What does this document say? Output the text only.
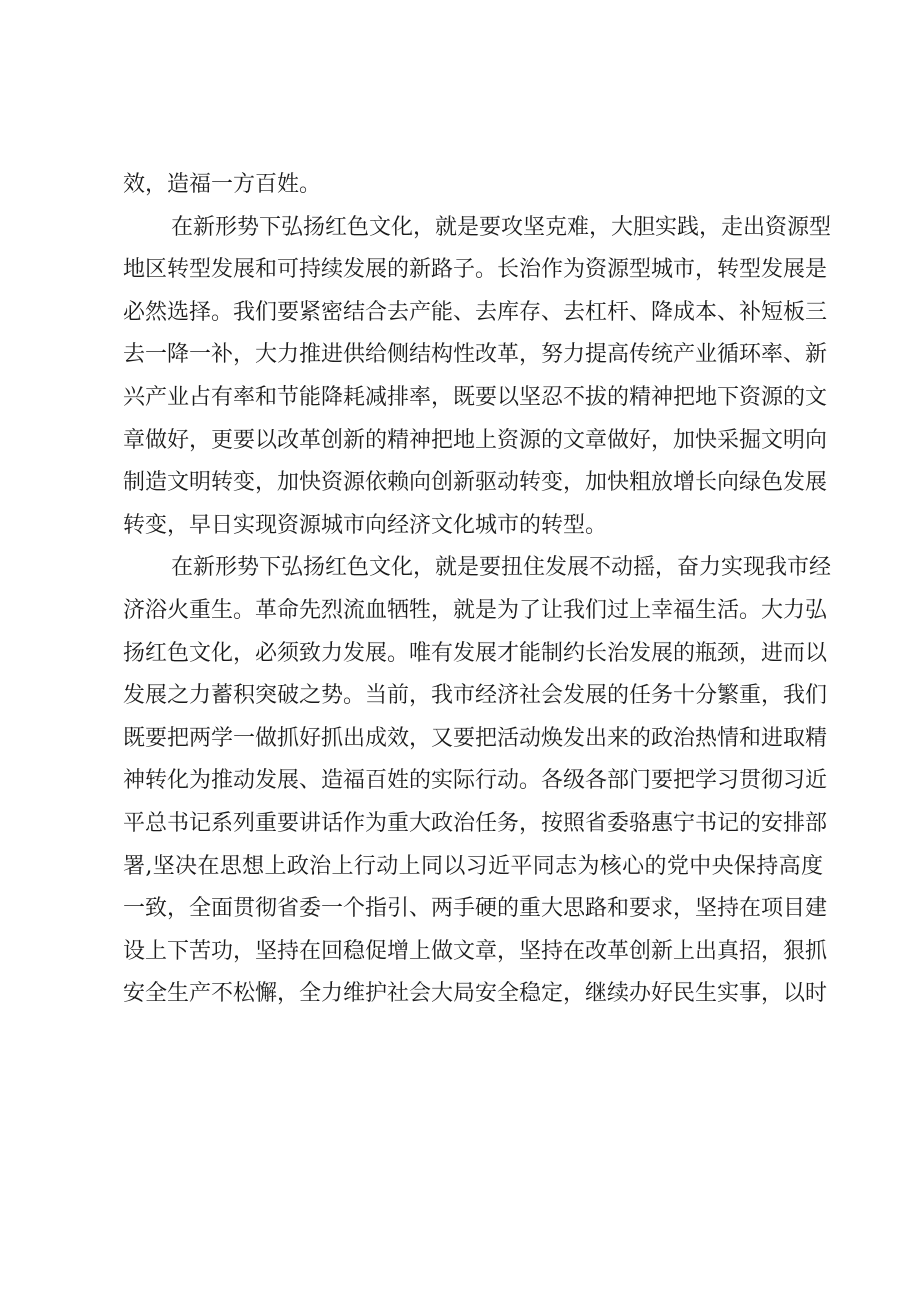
效，造福一方百姓。
在新形势下弘扬红色文化，就是要攻坚克难，大胆实践，走出资源型
地区转型发展和可持续发展的新路子。长治作为资源型城市，转型发展是
必然选择。我们要紧密结合去产能、去库存、去杠杆、降成本、补短板三
去一降一补，大力推进供给侧结构性改革，努力提高传统产业循环率、新
兴产业占有率和节能降耗减排率，既要以坚忍不拔的精神把地下资源的文
章做好，更要以改革创新的精神把地上资源的文章做好，加快采掘文明向
制造文明转变，加快资源依赖向创新驱动转变，加快粗放增长向绿色发展
转变，早日实现资源城市向经济文化城市的转型。
在新形势下弘扬红色文化，就是要扭住发展不动摇，奋力实现我市经
济浴火重生。革命先烈流血牺牲，就是为了让我们过上幸福生活。大力弘
扬红色文化，必须致力发展。唯有发展才能制约长治发展的瓶颈，进而以
发展之力蓄积突破之势。当前，我市经济社会发展的任务十分繁重，我们
既要把两学一做抓好抓出成效，又要把活动焕发出来的政治热情和进取精
神转化为推动发展、造福百姓的实际行动。各级各部门要把学习贯彻习近
平总书记系列重要讲话作为重大政治任务，按照省委骆惠宁书记的安排部
署,坚决在思想上政治上行动上同以习近平同志为核心的党中央保持高度
一致，全面贯彻省委一个指引、两手硬的重大思路和要求，坚持在项目建
设上下苦功，坚持在回稳促增上做文章，坚持在改革创新上出真招，狠抓
安全生产不松懈，全力维护社会大局安全稳定，继续办好民生实事，以时
